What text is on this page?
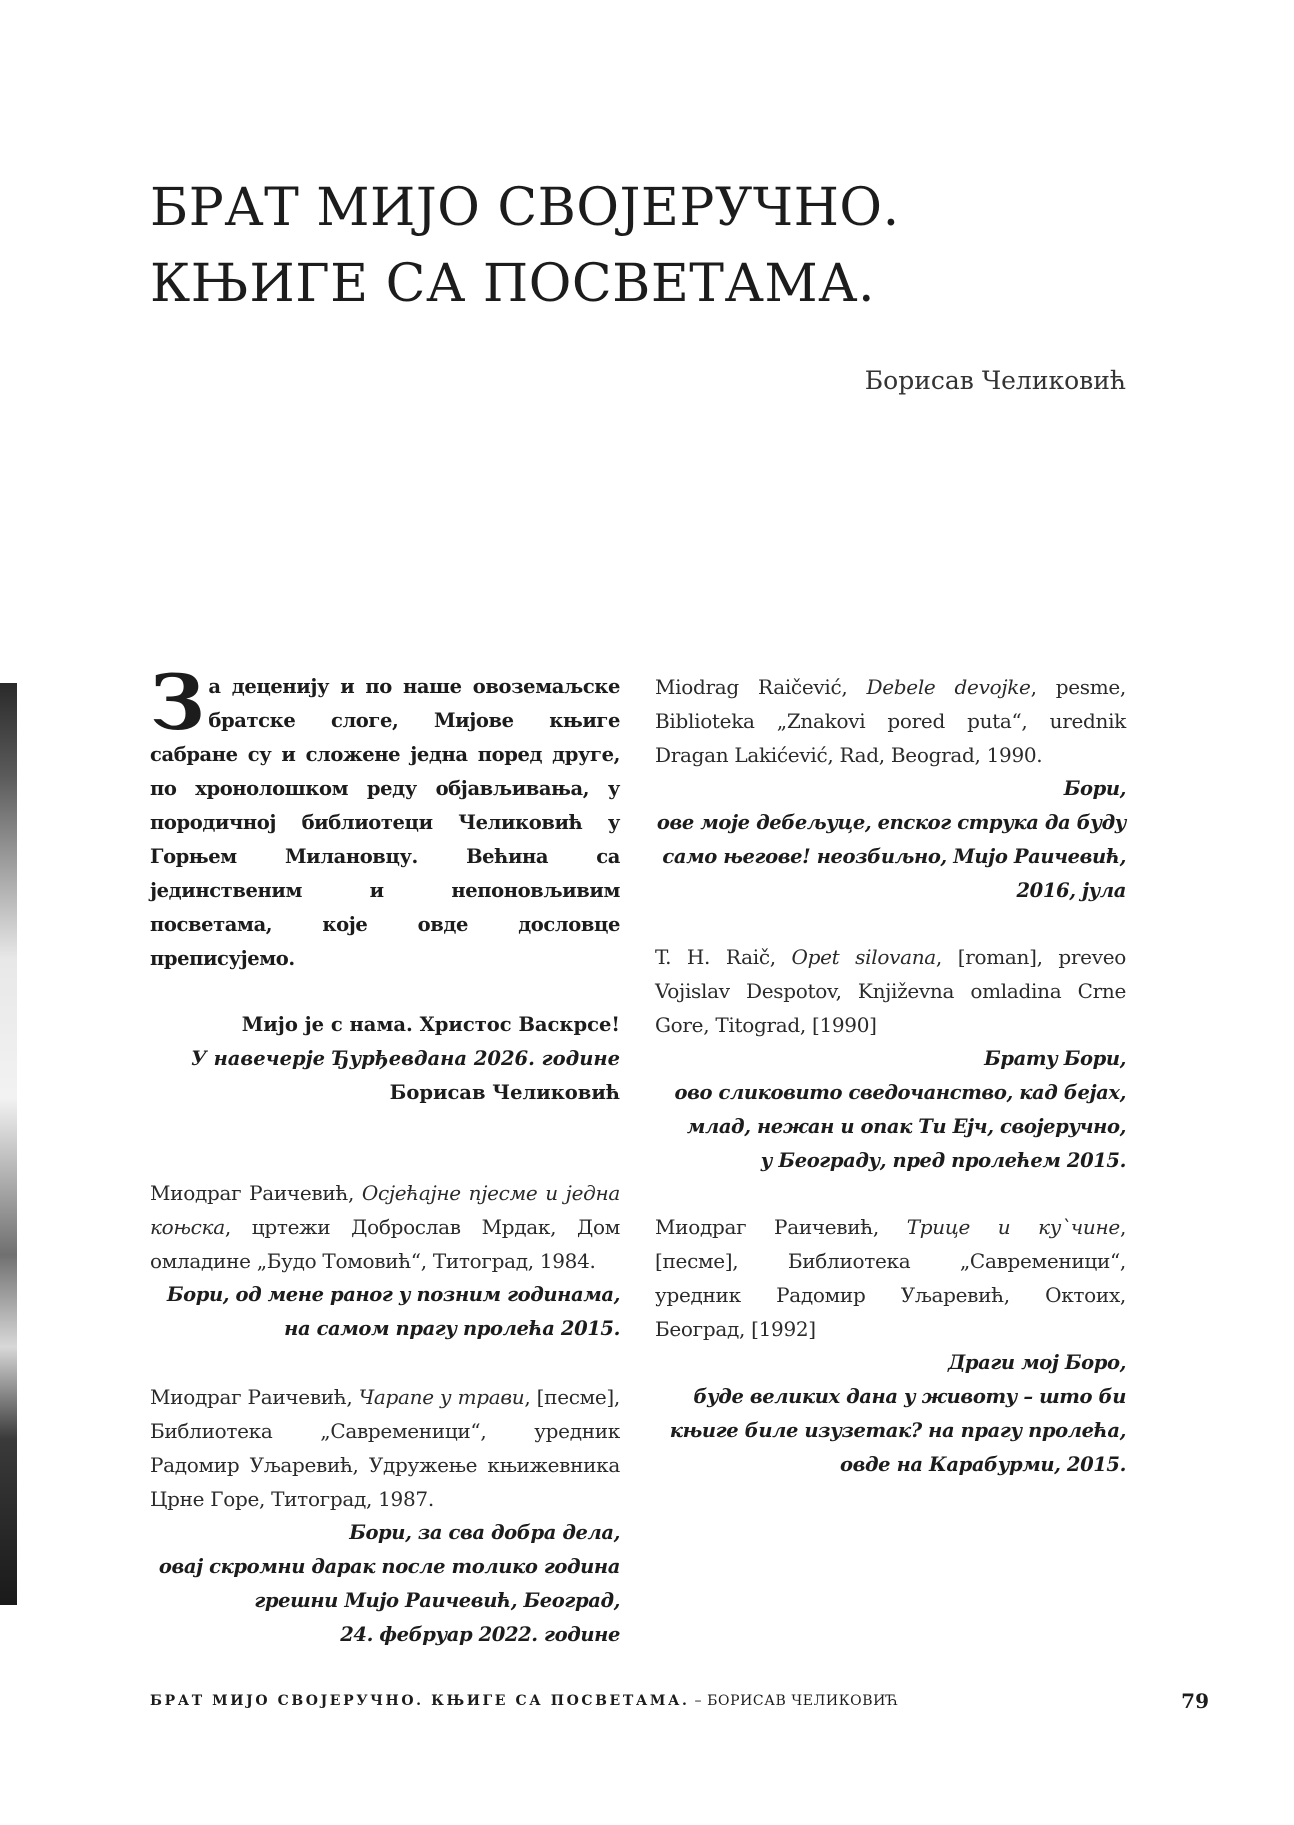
БРАТ МИЈО СВОЈЕРУЧНО.
КЊИГЕ СА ПОСВЕТАМА.
Борисав Челиковић

За деценију и по наше овоземаљске братске слоге, Мијове књиге сабране су и сложене једна поред друге, по хронолошком реду објављивања, у породичној библиотеци Челиковић у Горњем Милановцу. Већина са јединственим и непоновљивим посветама, које овде дословце преписујемо.

Мијо је с нама. Христос Васкрсе!
У навечерје Ђурђевдана 2026. године
Борисав Челиковић

Миодраг Раичевић, Осјећајне пјесме и једна коњска, цртежи Доброслав Мрдак, Дом омладине „Будо Томовић“, Титоград, 1984.

Бори, од мене раног у позним годинама,
на самом прагу пролећа 2015.

Миодраг Раичевић, Чарапе у трави, [песме], Библиотека „Савременици“, уредник Радомир Уљаревић, Удружење књижевника Црне Горе, Титоград, 1987.

Бори, за сва добра дела,
овај скромни дарак после толико година
грешни Мијо Раичевић, Београд,
24. фебруар 2022. године

Miodrag Raičević, Debele devojke, pesme, Biblioteka „Znakovi pored puta“, urednik Dragan Lakićević, Rad, Beograd, 1990.

Бори,
ове моје дебељуце, епског струка да буду
само његове! неозбиљно, Мијо Раичевић,
2016, јула

T. H. Raič, Opet silovana, [roman], preveo Vojislav Despotov, Književna omladina Crne Gore, Titograd, [1990]

Брату Бори,
ово сликовито сведочанство, кад бејах,
млад, нежан и опак Ти Ејч, својеручно,
у Београду, пред пролећем 2015.

Миодраг Раичевић, Трице и ку`чине, [песме], Библиотека „Савременици“, уредник Радомир Уљаревић, Октоих, Београд, [1992]

Драги мој Боро,
буде великих дана у животу – што би
књиге биле изузетак? на прагу пролећа,
овде на Карабурми, 2015.
БРАТ МИЈО СВОЈЕРУЧНО. КЊИГЕ СА ПОСВЕТАМА. – БОРИСАВ ЧЕЛИКОВИЋ	79
